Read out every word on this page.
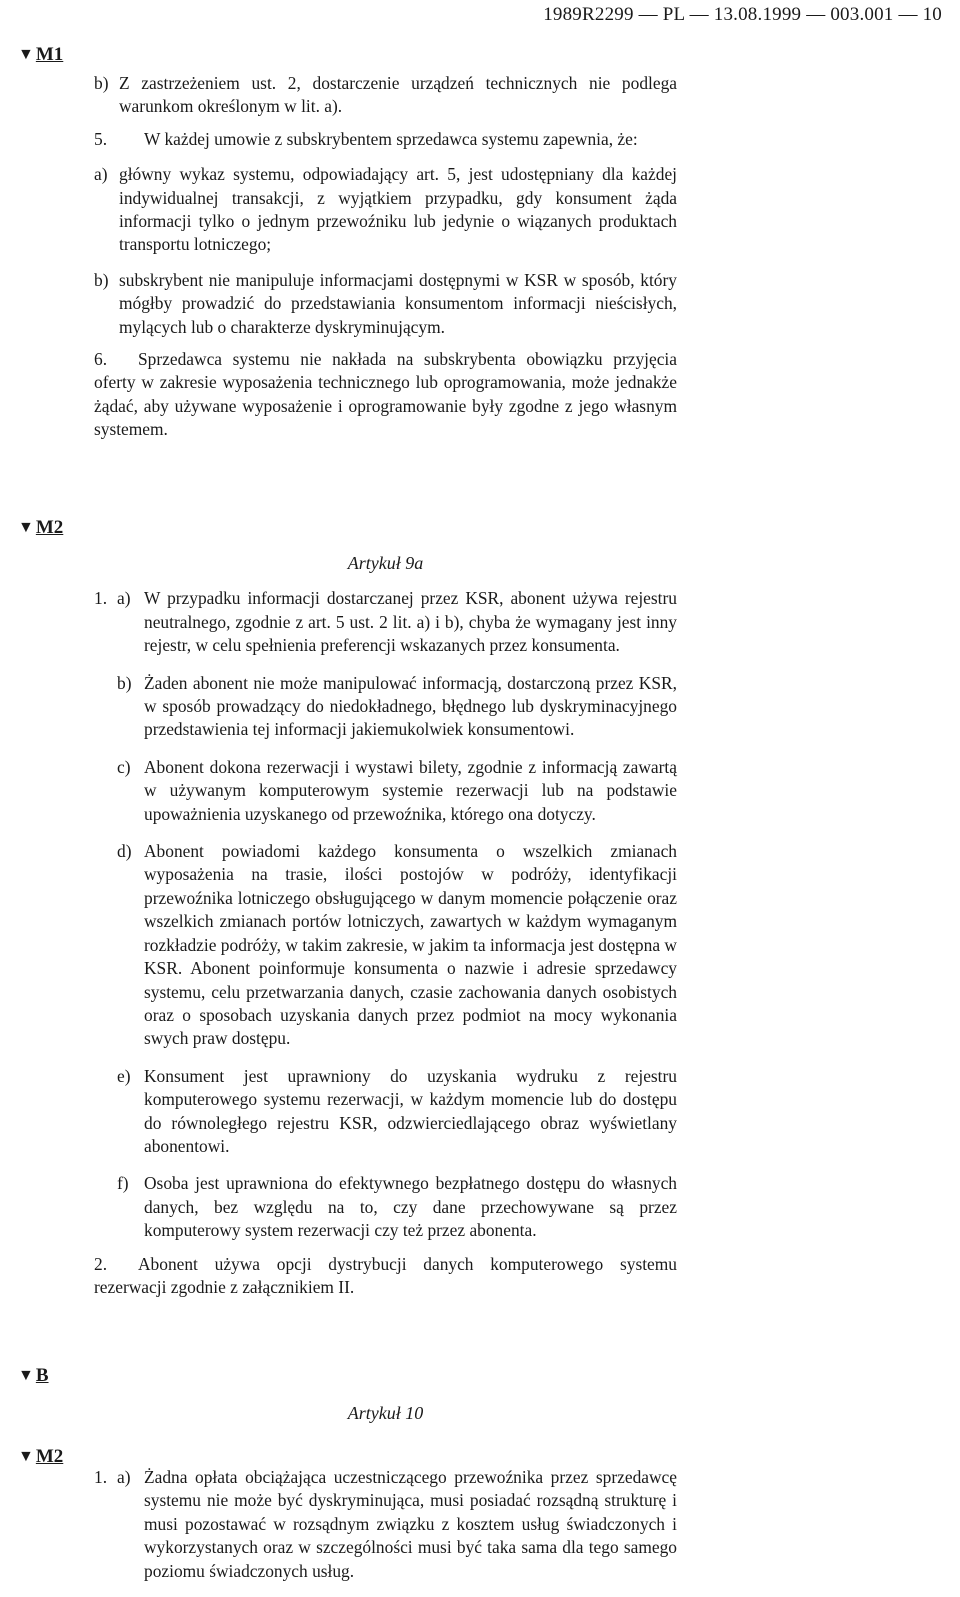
1989R2299 — PL — 13.08.1999 — 003.001 — 10
▼ M1
b) Z zastrzeżeniem ust. 2, dostarczenie urządzeń technicznych nie podlega warunkom określonym w lit. a).
5. W każdej umowie z subskrybentem sprzedawca systemu zapewnia, że:
a) główny wykaz systemu, odpowiadający art. 5, jest udostępniany dla każdej indywidualnej transakcji, z wyjątkiem przypadku, gdy konsument żąda informacji tylko o jednym przewoźniku lub jedynie o wiązanych produktach transportu lotniczego;
b) subskrybent nie manipuluje informacjami dostępnymi w KSR w sposób, który mógłby prowadzić do przedstawiania konsumentom informacji nieścisłych, mylących lub o charakterze dyskryminującym.
6. Sprzedawca systemu nie nakłada na subskrybenta obowiązku przyjęcia oferty w zakresie wyposażenia technicznego lub oprogramowania, może jednakże żądać, aby używane wyposażenie i oprogramowanie były zgodne z jego własnym systemem.
▼ M2
Artykuł 9a
1. a) W przypadku informacji dostarczanej przez KSR, abonent używa rejestru neutralnego, zgodnie z art. 5 ust. 2 lit. a) i b), chyba że wymagany jest inny rejestr, w celu spełnienia preferencji wskazanych przez konsumenta.
b) Żaden abonent nie może manipulować informacją, dostarczoną przez KSR, w sposób prowadzący do niedokładnego, błędnego lub dyskryminacyjnego przedstawienia tej informacji jakiemukolwiek konsumentowi.
c) Abonent dokona rezerwacji i wystawi bilety, zgodnie z informacją zawartą w używanym komputerowym systemie rezerwacji lub na podstawie upoważnienia uzyskanego od przewoźnika, którego ona dotyczy.
d) Abonent powiadomi każdego konsumenta o wszelkich zmianach wyposażenia na trasie, ilości postojów w podróży, identyfikacji przewoźnika lotniczego obsługującego w danym momencie połączenie oraz wszelkich zmianach portów lotniczych, zawartych w każdym wymaganym rozkładzie podróży, w takim zakresie, w jakim ta informacja jest dostępna w KSR. Abonent poinformuje konsumenta o nazwie i adresie sprzedawcy systemu, celu przetwarzania danych, czasie zachowania danych osobistych oraz o sposobach uzyskania danych przez podmiot na mocy wykonania swych praw dostępu.
e) Konsument jest uprawniony do uzyskania wydruku z rejestru komputerowego systemu rezerwacji, w każdym momencie lub do dostępu do równoległego rejestru KSR, odzwierciedlającego obraz wyświetlany abonentowi.
f) Osoba jest uprawniona do efektywnego bezpłatnego dostępu do własnych danych, bez względu na to, czy dane przechowywane są przez komputerowy system rezerwacji czy też przez abonenta.
2. Abonent używa opcji dystrybucji danych komputerowego systemu rezerwacji zgodnie z załącznikiem II.
▼ B
Artykuł 10
▼ M2
1. a) Żadna opłata obciążająca uczestniczącego przewoźnika przez sprzedawcę systemu nie może być dyskryminująca, musi posiadać rozsądną strukturę i musi pozostawać w rozsądnym związku z kosztem usług świadczonych i wykorzystanych oraz w szczególności musi być taka sama dla tego samego poziomu świadczonych usług.
